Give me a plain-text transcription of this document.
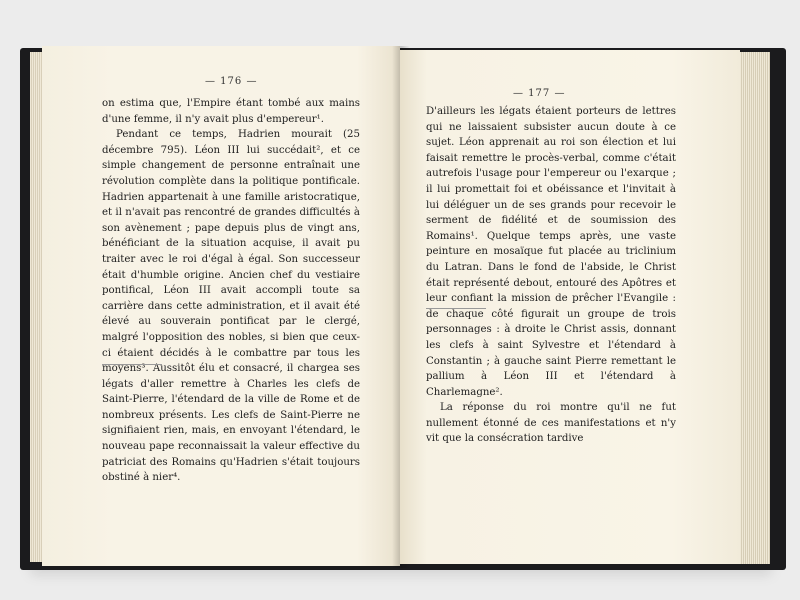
— 176 —

on estima que, l'Empire étant tombé aux mains d'une femme, il n'y avait plus d'empereur¹.

Pendant ce temps, Hadrien mourait (25 décembre 795). Léon III lui succédait², et ce simple changement de personne entraînait une révolution complète dans la politique pontificale. Hadrien appartenait à une famille aristocratique, et il n'avait pas rencontré de grandes difficultés à son avènement ; pape depuis plus de vingt ans, bénéficiant de la situation acquise, il avait pu traiter avec le roi d'égal à égal. Son successeur était d'humble origine. Ancien chef du vestiaire pontifical, Léon III avait accompli toute sa carrière dans cette administration, et il avait été élevé au souverain pontificat par le clergé, malgré l'opposition des nobles, si bien que ceux-ci étaient décidés à le combattre par tous les moyens³. Aussitôt élu et consacré, il chargea ses légats d'aller remettre à Charles les clefs de Saint-Pierre, l'étendard de la ville de Rome et de nombreux présents. Les clefs de Saint-Pierre ne signifiaient rien, mais, en envoyant l'étendard, le nouveau pape reconnaissait la valeur effective du patriciat des Romains qu'Hadrien s'était toujours obstiné à nier⁴.

— 177 —

D'ailleurs les légats étaient porteurs de lettres qui ne laissaient subsister aucun doute à ce sujet. Léon apprenait au roi son élection et lui faisait remettre le procès-verbal, comme c'était autrefois l'usage pour l'empereur ou l'exarque ; il lui promettait foi et obéissance et l'invitait à lui déléguer un de ses grands pour recevoir le serment de fidélité et de soumission des Romains¹. Quelque temps après, une vaste peinture en mosaïque fut placée au triclinium du Latran. Dans le fond de l'abside, le Christ était représenté debout, entouré des Apôtres et leur confiant la mission de prêcher l'Evangile : de chaque côté figurait un groupe de trois personnages : à droite le Christ assis, donnant les clefs à saint Sylvestre et l'étendard à Constantin ; à gauche saint Pierre remettant le pallium à Léon III et l'étendard à Charlemagne².

La réponse du roi montre qu'il ne fut nullement étonné de ces manifestations et n'y vit que la consécration tardive
